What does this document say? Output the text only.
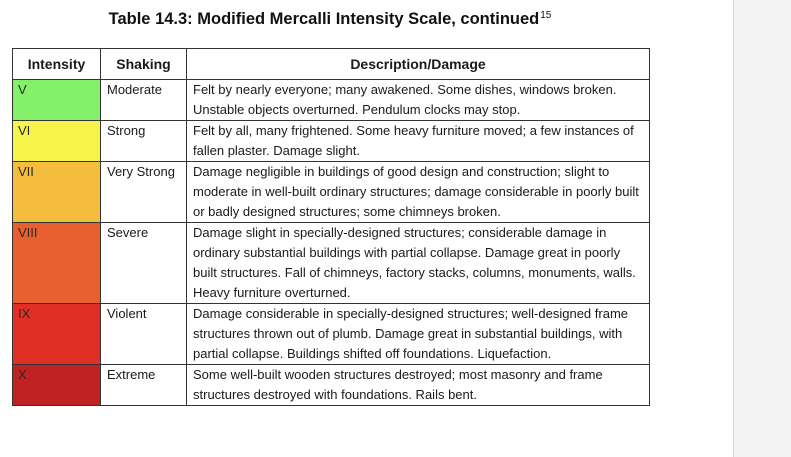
Table 14.3: Modified Mercalli Intensity Scale, continued$^{15}$
Intensity	Shaking	Description/Damage
V	Moderate	Felt by nearly everyone; many awakened. Some dishes, windows broken. Unstable objects overturned. Pendulum clocks may stop.
VI	Strong	Felt by all, many frightened. Some heavy furniture moved; a few instances of fallen plaster. Damage slight.
VII	Very Strong	Damage negligible in buildings of good design and construction; slight to moderate in well-built ordinary structures; damage considerable in poorly built or badly designed structures; some chimneys broken.
VIII	Severe	Damage slight in specially-designed structures; considerable damage in ordinary substantial buildings with partial collapse. Damage great in poorly built structures. Fall of chimneys, factory stacks, columns, monuments, walls. Heavy furniture overturned.
IX	Violent	Damage considerable in specially-designed structures; well-designed frame structures thrown out of plumb. Damage great in substantial buildings, with partial collapse. Buildings shifted off foundations. Liquefaction.
X	Extreme	Some well-built wooden structures destroyed; most masonry and frame structures destroyed with foundations. Rails bent.
